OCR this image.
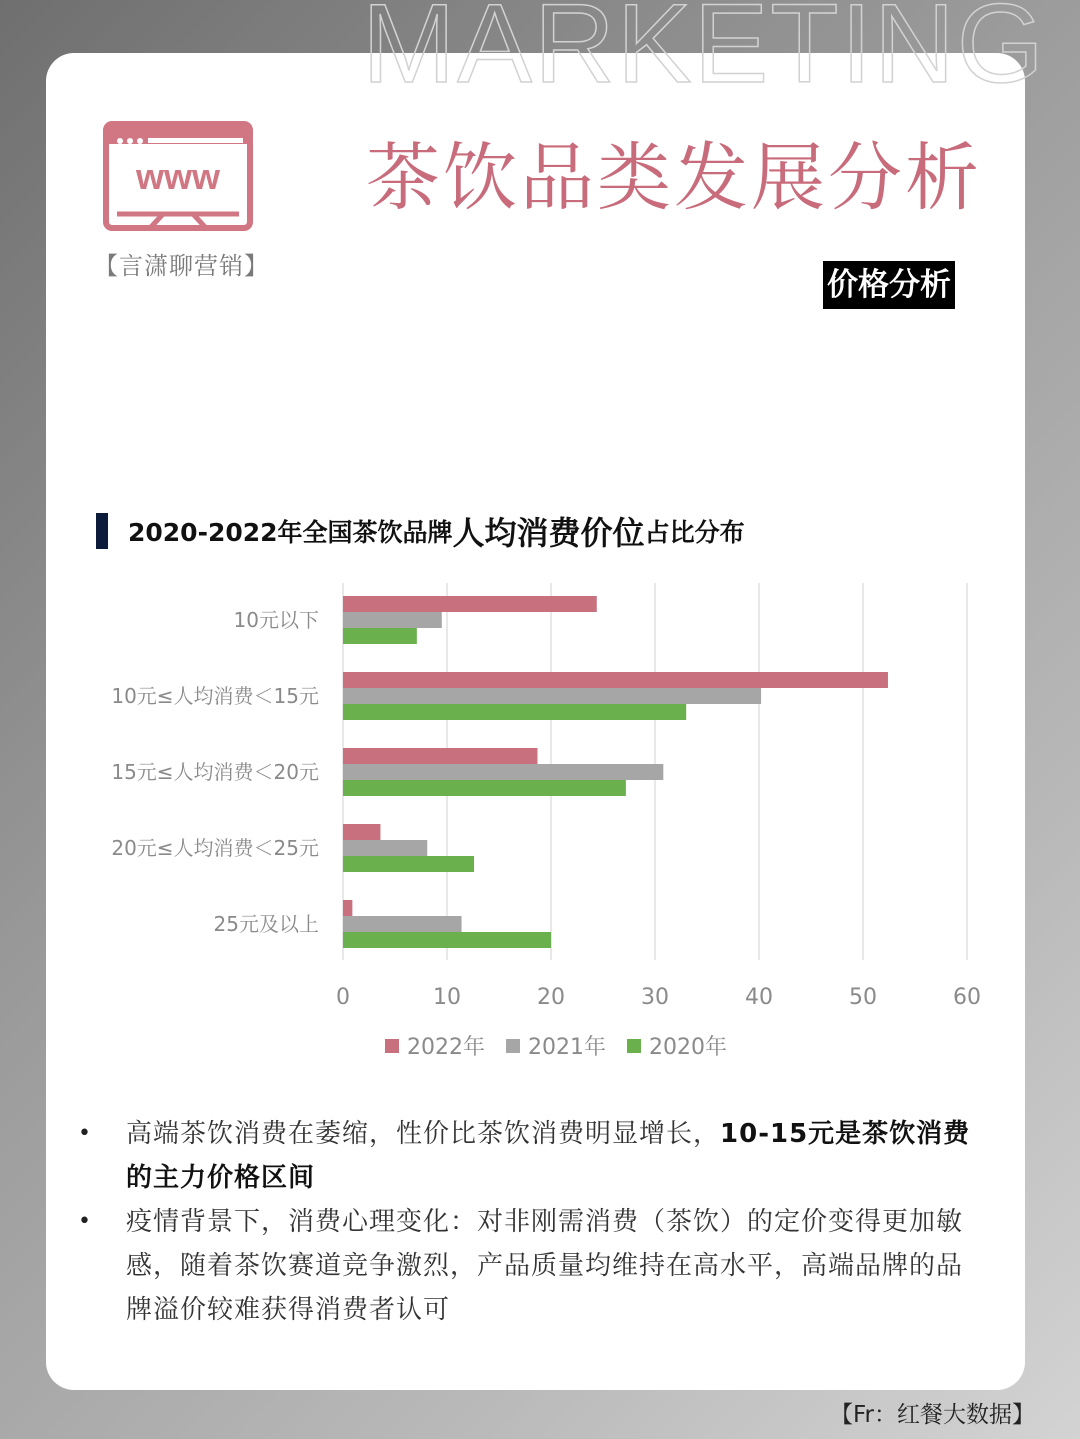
MARKETING
www
【言潇聊营销】
茶饮品类发展分析
价格分析
2020-2022年全国茶饮品牌 人均消费价位 占比分布
0	10	20	30	40	50	60
10元以下
10元≤人均消费＜15元
15元≤人均消费＜20元
20元≤人均消费＜25元
25元及以上
2022年 2021年 2020年
•	高端茶饮消费在萎缩，性价比茶饮消费明显增长，10-15元是茶饮消费的主力价格区间
•	疫情背景下，消费心理变化：对非刚需消费（茶饮）的定价变得更加敏感，随着茶饮赛道竞争激烈，产品质量均维持在高水平，高端品牌的品牌溢价较难获得消费者认可
【Fr：红餐大数据】
